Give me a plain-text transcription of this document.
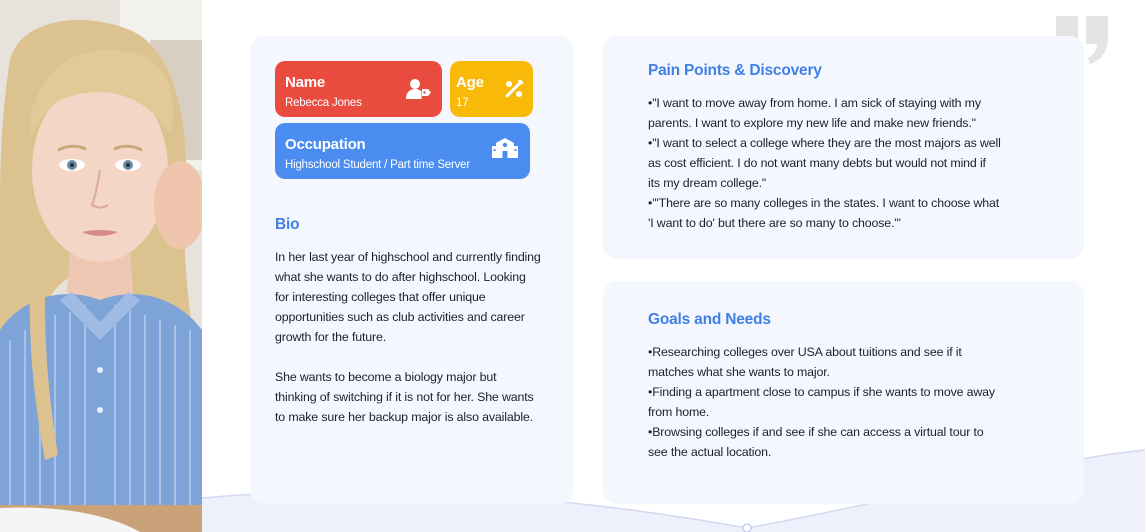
Name
Rebecca Jones
Age
17
Occupation
Highschool Student / Part time Server
Bio

In her last year of highschool and currently finding

what she wants to do after highschool. Looking

for interesting colleges that offer unique

opportunities such as club activities and career

growth for the future.

She wants to become a biology major but

thinking of switching if it is not for her. She wants

to make sure her backup major is also available.

Pain Points & Discovery

•"I want to move away from home. I am sick of staying with my

parents. I want to explore my new life and make new friends."

•"I want to select a college where they are the most majors as well

as cost efficient. I do not want many debts but would not mind if

its my dream college."

•"'There are so many colleges in the states. I want to choose what

'I want to do' but there are so many to choose.'"

Goals and Needs

•Researching colleges over USA about tuitions and see if it

matches what she wants to major.

•Finding a apartment close to campus if she wants to move away

from home.

•Browsing colleges if and see if she can access a virtual tour to

see the actual location.
